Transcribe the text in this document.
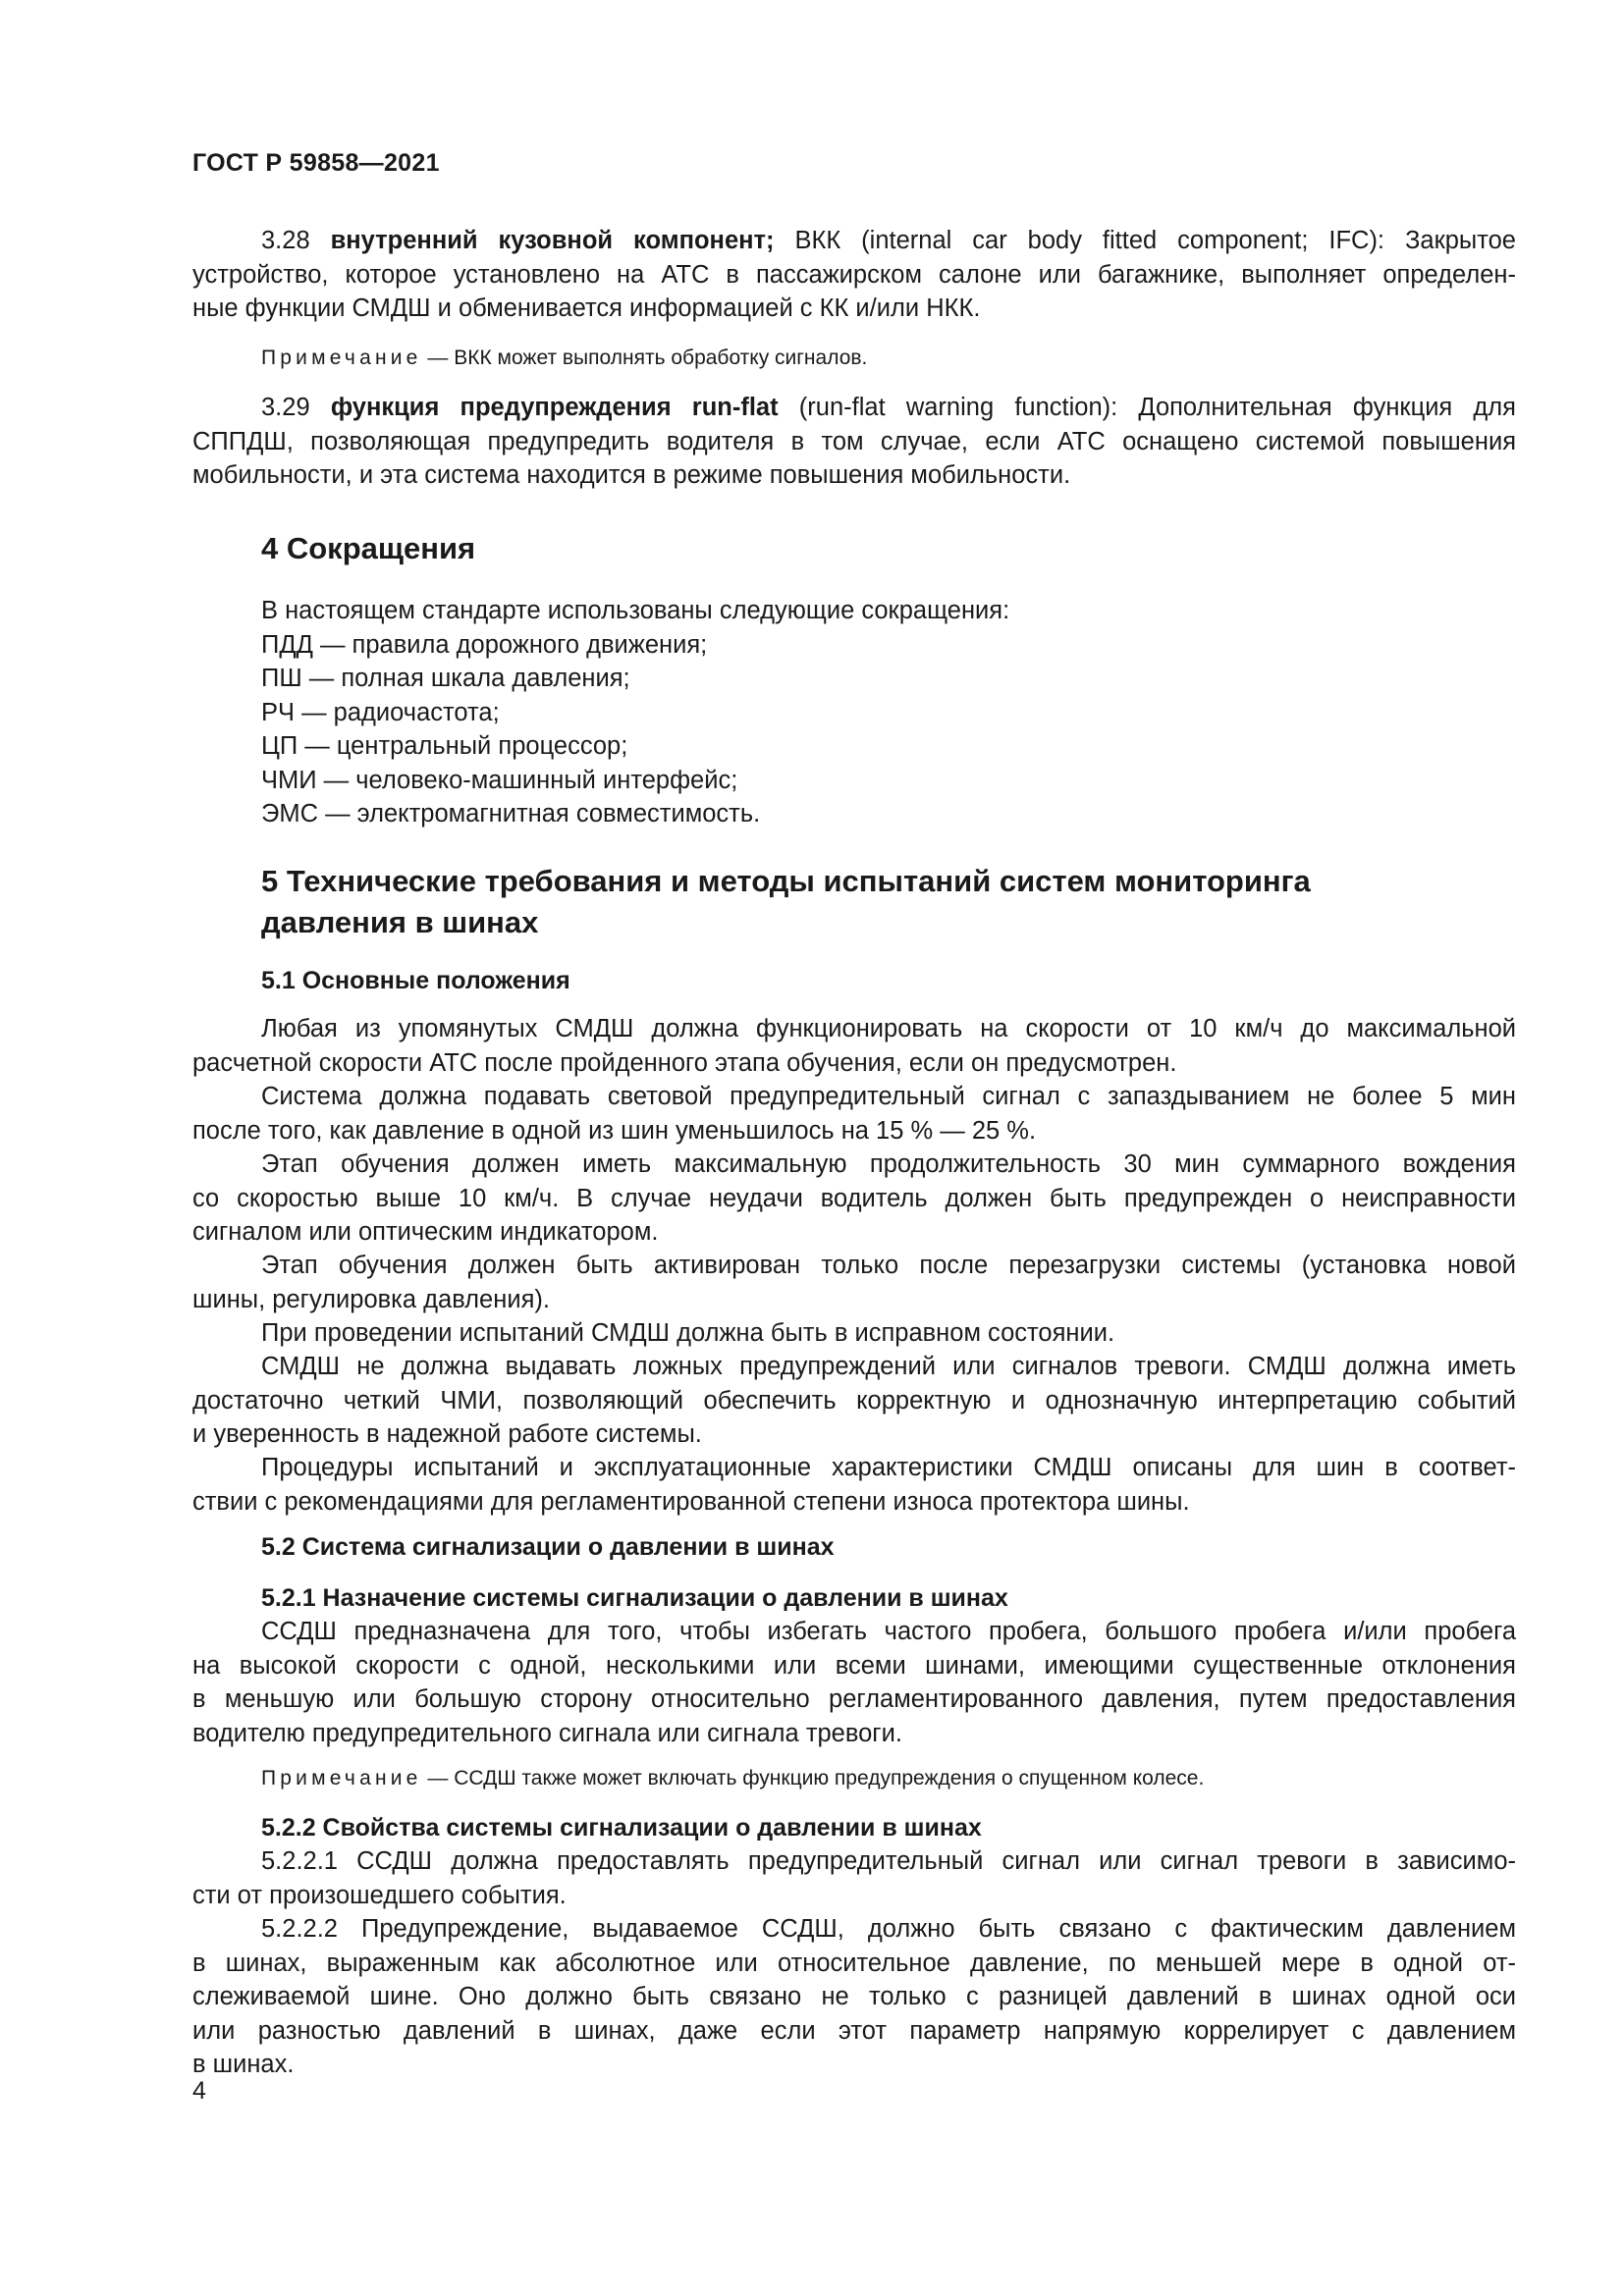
ГОСТ Р 59858—2021
3.28 внутренний кузовной компонент; ВКК (internal car body fitted component; IFC): Закрытое
устройство, которое установлено на АТС в пассажирском салоне или багажнике, выполняет определен-
ные функции СМДШ и обменивается информацией с КК и/или НКК.
Примечание — ВКК может выполнять обработку сигналов.
3.29 функция предупреждения run-flat (run-flat warning function): Дополнительная функция для
СППДШ, позволяющая предупредить водителя в том случае, если АТС оснащено системой повышения
мобильности, и эта система находится в режиме повышения мобильности.
4 Сокращения
В настоящем стандарте использованы следующие сокращения:
ПДД — правила дорожного движения;
ПШ — полная шкала давления;
РЧ — радиочастота;
ЦП — центральный процессор;
ЧМИ — человеко-машинный интерфейс;
ЭМС — электромагнитная совместимость.
5 Технические требования и методы испытаний систем мониторинга
давления в шинах
5.1 Основные положения
Любая из упомянутых СМДШ должна функционировать на скорости от 10 км/ч до максимальной
расчетной скорости АТС после пройденного этапа обучения, если он предусмотрен.
Система должна подавать световой предупредительный сигнал с запаздыванием не более 5 мин
после того, как давление в одной из шин уменьшилось на 15 % — 25 %.
Этап обучения должен иметь максимальную продолжительность 30 мин суммарного вождения
со скоростью выше 10 км/ч. В случае неудачи водитель должен быть предупрежден о неисправности
сигналом или оптическим индикатором.
Этап обучения должен быть активирован только после перезагрузки системы (установка новой
шины, регулировка давления).
При проведении испытаний СМДШ должна быть в исправном состоянии.
СМДШ не должна выдавать ложных предупреждений или сигналов тревоги. СМДШ должна иметь
достаточно четкий ЧМИ, позволяющий обеспечить корректную и однозначную интерпретацию событий
и уверенность в надежной работе системы.
Процедуры испытаний и эксплуатационные характеристики СМДШ описаны для шин в соответ-
ствии с рекомендациями для регламентированной степени износа протектора шины.
5.2 Система сигнализации о давлении в шинах
5.2.1 Назначение системы сигнализации о давлении в шинах
ССДШ предназначена для того, чтобы избегать частого пробега, большого пробега и/или пробега
на высокой скорости с одной, несколькими или всеми шинами, имеющими существенные отклонения
в меньшую или большую сторону относительно регламентированного давления, путем предоставления
водителю предупредительного сигнала или сигнала тревоги.
Примечание — ССДШ также может включать функцию предупреждения о спущенном колесе.
5.2.2 Свойства системы сигнализации о давлении в шинах
5.2.2.1 ССДШ должна предоставлять предупредительный сигнал или сигнал тревоги в зависимо-
сти от произошедшего события.
5.2.2.2 Предупреждение, выдаваемое ССДШ, должно быть связано с фактическим давлением
в шинах, выраженным как абсолютное или относительное давление, по меньшей мере в одной от-
слеживаемой шине. Оно должно быть связано не только с разницей давлений в шинах одной оси
или разностью давлений в шинах, даже если этот параметр напрямую коррелирует с давлением
в шинах.
4
